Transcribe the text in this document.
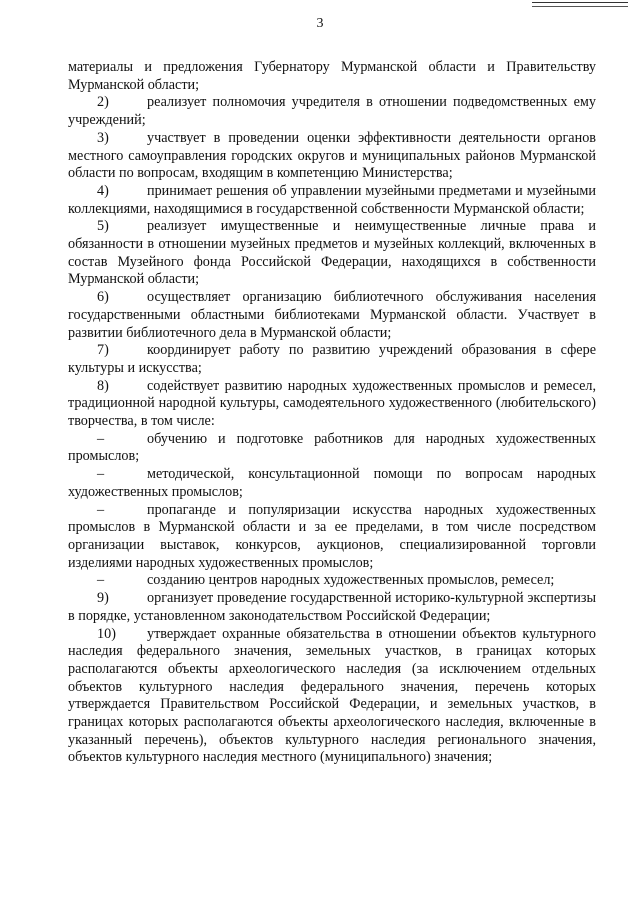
3

материалы и предложения Губернатору Мурманской области и Правительству Мурманской области;

2)	реализует полномочия учредителя в отношении подведомственных ему учреждений;

3)	участвует в проведении оценки эффективности деятельности органов местного самоуправления городских округов и муниципальных районов Мурманской области по вопросам, входящим в компетенцию Министерства;

4)	принимает решения об управлении музейными предметами и музейными коллекциями, находящимися в государственной собственности Мурманской области;

5)	реализует имущественные и неимущественные личные права и обязанности в отношении музейных предметов и музейных коллекций, включенных в состав Музейного фонда Российской Федерации, находящихся в собственности Мурманской области;

6)	осуществляет организацию библиотечного обслуживания населения государственными областными библиотеками Мурманской области. Участвует в развитии библиотечного дела в Мурманской области;

7)	координирует работу по развитию учреждений образования в сфере культуры и искусства;

8)	содействует развитию народных художественных промыслов и ремесел, традиционной народной культуры, самодеятельного художественного (любительского) творчества, в том числе:

–	обучению и подготовке работников для народных художественных промыслов;

–	методической, консультационной помощи по вопросам народных художественных промыслов;

–	пропаганде и популяризации искусства народных художественных промыслов в Мурманской области и за ее пределами, в том числе посредством организации выставок, конкурсов, аукционов, специализированной торговли изделиями народных художественных промыслов;

–	созданию центров народных художественных промыслов, ремесел;

9)	организует проведение государственной историко-культурной экспертизы в порядке, установленном законодательством Российской Федерации;

10) утверждает охранные обязательства в отношении объектов культурного наследия федерального значения, земельных участков, в границах которых располагаются объекты археологического наследия (за исключением отдельных объектов культурного наследия федерального значения, перечень которых утверждается Правительством Российской Федерации, и земельных участков, в границах которых располагаются объекты археологического наследия, включенные в указанный перечень), объектов культурного наследия регионального значения, объектов культурного наследия местного (муниципального) значения;
